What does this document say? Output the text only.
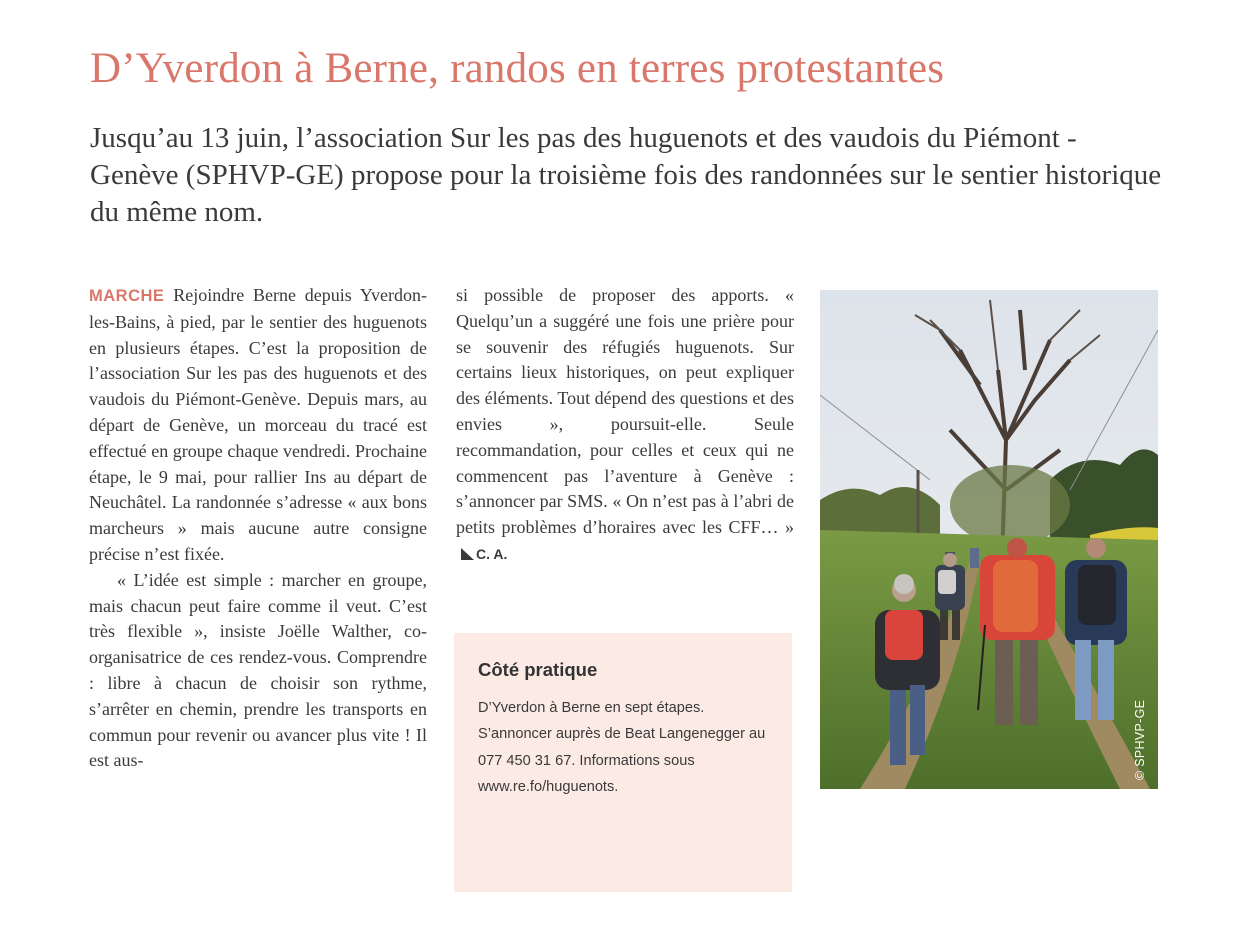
D’Yverdon à Berne, randos en terres protestantes

Jusqu’au 13 juin, l’association Sur les pas des huguenots et des vaudois du Piémont - Genève (SPHVP-GE) propose pour la troisième fois des randonnées sur le sentier historique du même nom.

MARCHE Rejoindre Berne depuis Yverdon-les-Bains, à pied, par le sentier des huguenots en plusieurs étapes. C’est la proposition de l’association Sur les pas des huguenots et des vaudois du Piémont-Genève. Depuis mars, au départ de Genève, un morceau du tracé est effectué en groupe chaque vendredi. Prochaine étape, le 9 mai, pour rallier Ins au départ de Neuchâtel. La randonnée s’adresse « aux bons marcheurs » mais aucune autre consigne précise n’est fixée.

« L’idée est simple : marcher en groupe, mais chacun peut faire comme il veut. C’est très flexible », insiste Joëlle Walther, co-organisatrice de ces rendez-vous. Comprendre : libre à chacun de choisir son rythme, s’arrêter en chemin, prendre les transports en commun pour revenir ou avancer plus vite ! Il est aus-

si possible de proposer des apports. « Quelqu’un a suggéré une fois une prière pour se souvenir des réfugiés huguenots. Sur certains lieux historiques, on peut expliquer des éléments. Tout dépend des questions et des envies », poursuit-elle. Seule recommandation, pour celles et ceux qui ne commencent pas l’aventure à Genève : s’annoncer par SMS. « On n’est pas à l’abri de petits problèmes d’horaires avec les CFF… »C. A.

Côté pratique

D’Yverdon à Berne en sept étapes. S’annoncer auprès de Beat Langenegger au 077 450 31 67. Informations sous www.re.fo/huguenots.

© SPHVP-GE
